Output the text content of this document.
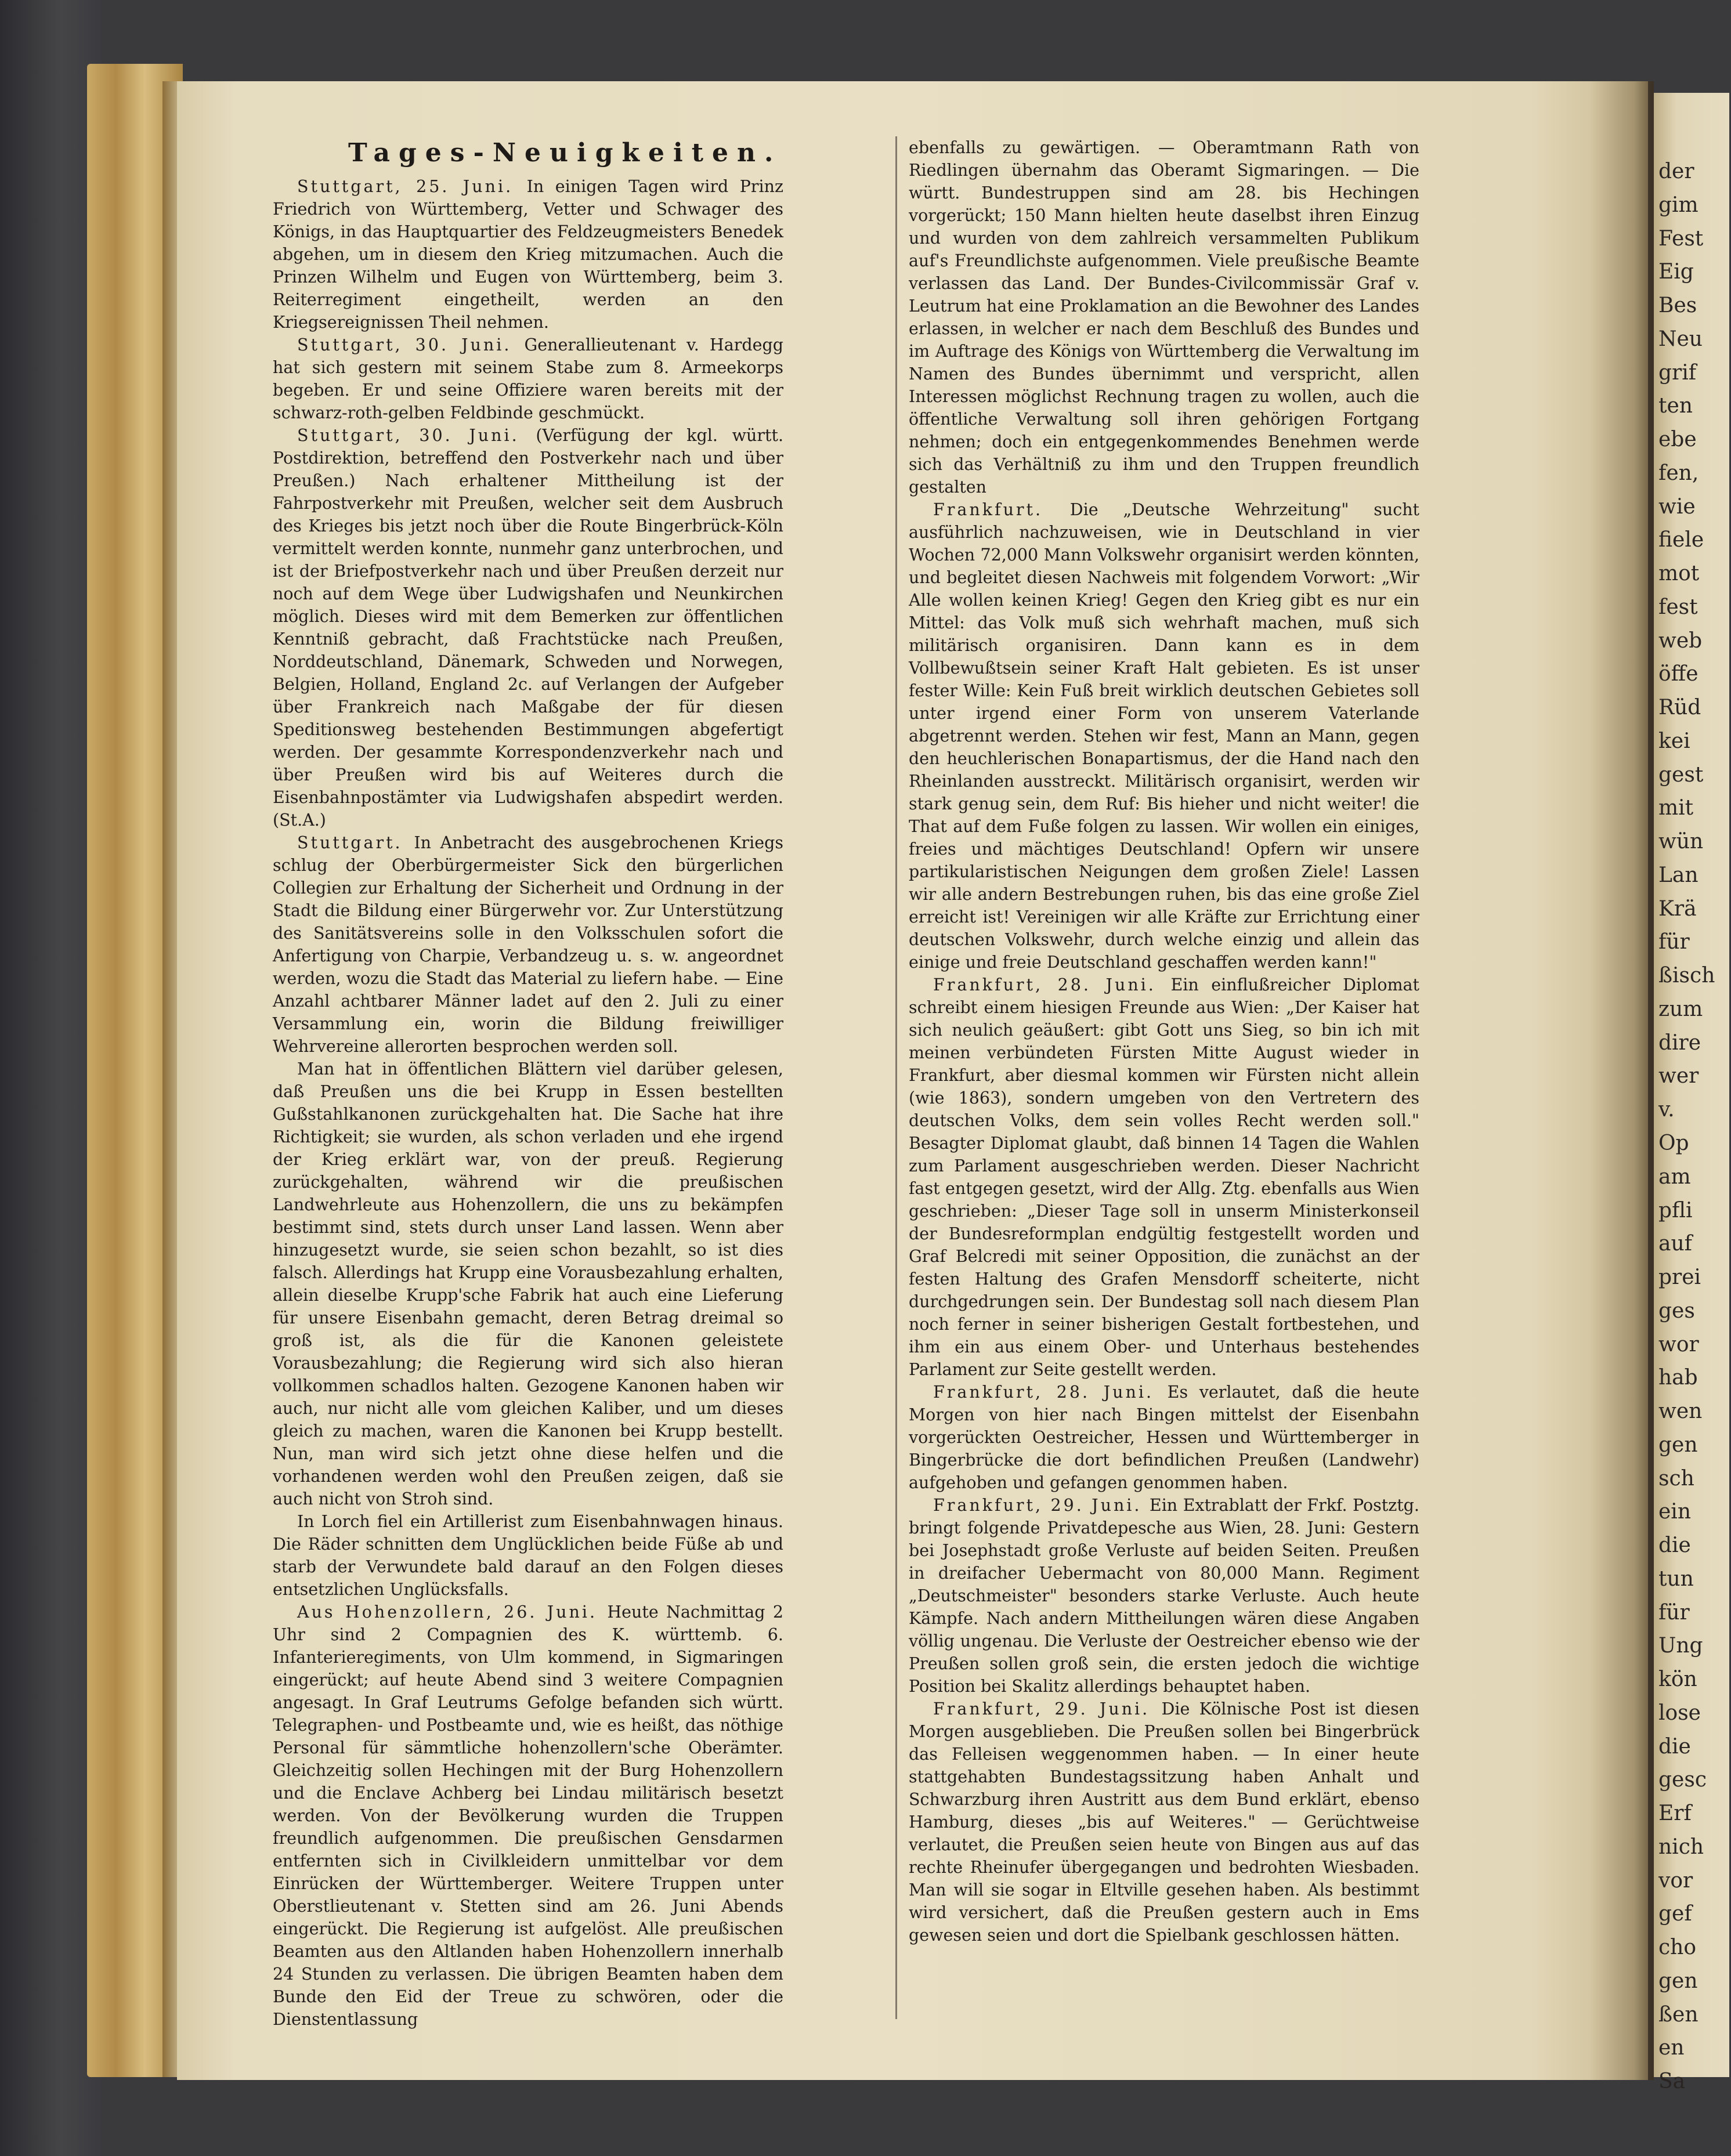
Tages-Neuigkeiten.

Stuttgart, 25. Juni. In einigen Tagen wird Prinz Friedrich von Württemberg, Vetter und Schwager des Königs, in das Hauptquartier des Feldzeugmeisters Benedek abgehen, um in diesem den Krieg mitzumachen. Auch die Prinzen Wilhelm und Eugen von Württemberg, beim 3. Reiterregiment eingetheilt, werden an den Kriegsereignissen Theil nehmen.

Stuttgart, 30. Juni. Generallieutenant v. Hardegg hat sich gestern mit seinem Stabe zum 8. Armeekorps begeben. Er und seine Offiziere waren bereits mit der schwarz-roth-gelben Feldbinde geschmückt.

Stuttgart, 30. Juni. (Verfügung der kgl. württ. Postdirektion, betreffend den Postverkehr nach und über Preußen.) Nach erhaltener Mittheilung ist der Fahrpostverkehr mit Preußen, welcher seit dem Ausbruch des Krieges bis jetzt noch über die Route Bingerbrück-Köln vermittelt werden konnte, nunmehr ganz unterbrochen, und ist der Briefpostverkehr nach und über Preußen derzeit nur noch auf dem Wege über Ludwigshafen und Neunkirchen möglich. Dieses wird mit dem Bemerken zur öffentlichen Kenntniß gebracht, daß Frachtstücke nach Preußen, Norddeutschland, Dänemark, Schweden und Norwegen, Belgien, Holland, England 2c. auf Verlangen der Aufgeber über Frankreich nach Maßgabe der für diesen Speditionsweg bestehenden Bestimmungen abgefertigt werden. Der gesammte Korrespondenzverkehr nach und über Preußen wird bis auf Weiteres durch die Eisenbahnpostämter via Ludwigshafen abspedirt werden. (St.A.)

Stuttgart. In Anbetracht des ausgebrochenen Kriegs schlug der Oberbürgermeister Sick den bürgerlichen Collegien zur Erhaltung der Sicherheit und Ordnung in der Stadt die Bildung einer Bürgerwehr vor. Zur Unterstützung des Sanitätsvereins solle in den Volksschulen sofort die Anfertigung von Charpie, Verbandzeug u. s. w. angeordnet werden, wozu die Stadt das Material zu liefern habe. — Eine Anzahl achtbarer Männer ladet auf den 2. Juli zu einer Versammlung ein, worin die Bildung freiwilliger Wehrvereine allerorten besprochen werden soll.

Man hat in öffentlichen Blättern viel darüber gelesen, daß Preußen uns die bei Krupp in Essen bestellten Gußstahlkanonen zurückgehalten hat. Die Sache hat ihre Richtigkeit; sie wurden, als schon verladen und ehe irgend der Krieg erklärt war, von der preuß. Regierung zurückgehalten, während wir die preußischen Landwehrleute aus Hohenzollern, die uns zu bekämpfen bestimmt sind, stets durch unser Land lassen. Wenn aber hinzugesetzt wurde, sie seien schon bezahlt, so ist dies falsch. Allerdings hat Krupp eine Vorausbezahlung erhalten, allein dieselbe Krupp'sche Fabrik hat auch eine Lieferung für unsere Eisenbahn gemacht, deren Betrag dreimal so groß ist, als die für die Kanonen geleistete Vorausbezahlung; die Regierung wird sich also hieran vollkommen schadlos halten. Gezogene Kanonen haben wir auch, nur nicht alle vom gleichen Kaliber, und um dieses gleich zu machen, waren die Kanonen bei Krupp bestellt. Nun, man wird sich jetzt ohne diese helfen und die vorhandenen werden wohl den Preußen zeigen, daß sie auch nicht von Stroh sind.

In Lorch fiel ein Artillerist zum Eisenbahnwagen hinaus. Die Räder schnitten dem Unglücklichen beide Füße ab und starb der Verwundete bald darauf an den Folgen dieses entsetzlichen Unglücksfalls.

Aus Hohenzollern, 26. Juni. Heute Nachmittag 2 Uhr sind 2 Compagnien des K. württemb. 6. Infanterieregiments, von Ulm kommend, in Sigmaringen eingerückt; auf heute Abend sind 3 weitere Compagnien angesagt. In Graf Leutrums Gefolge befanden sich württ. Telegraphen- und Postbeamte und, wie es heißt, das nöthige Personal für sämmtliche hohenzollern'sche Oberämter. Gleichzeitig sollen Hechingen mit der Burg Hohenzollern und die Enclave Achberg bei Lindau militärisch besetzt werden. Von der Bevölkerung wurden die Truppen freundlich aufgenommen. Die preußischen Gensdarmen entfernten sich in Civilkleidern unmittelbar vor dem Einrücken der Württemberger. Weitere Truppen unter Oberstlieutenant v. Stetten sind am 26. Juni Abends eingerückt. Die Regierung ist aufgelöst. Alle preußischen Beamten aus den Altlanden haben Hohenzollern innerhalb 24 Stunden zu verlassen. Die übrigen Beamten haben dem Bunde den Eid der Treue zu schwören, oder die Dienstentlassung

ebenfalls zu gewärtigen. — Oberamtmann Rath von Riedlingen übernahm das Oberamt Sigmaringen. — Die württ. Bundestruppen sind am 28. bis Hechingen vorgerückt; 150 Mann hielten heute daselbst ihren Einzug und wurden von dem zahlreich versammelten Publikum auf's Freundlichste aufgenommen. Viele preußische Beamte verlassen das Land. Der Bundes-Civilcommissär Graf v. Leutrum hat eine Proklamation an die Bewohner des Landes erlassen, in welcher er nach dem Beschluß des Bundes und im Auftrage des Königs von Württemberg die Verwaltung im Namen des Bundes übernimmt und verspricht, allen Interessen möglichst Rechnung tragen zu wollen, auch die öffentliche Verwaltung soll ihren gehörigen Fortgang nehmen; doch ein entgegenkommendes Benehmen werde sich das Verhältniß zu ihm und den Truppen freundlich gestalten

Frankfurt. Die „Deutsche Wehrzeitung" sucht ausführlich nachzuweisen, wie in Deutschland in vier Wochen 72,000 Mann Volkswehr organisirt werden könnten, und begleitet diesen Nachweis mit folgendem Vorwort: „Wir Alle wollen keinen Krieg! Gegen den Krieg gibt es nur ein Mittel: das Volk muß sich wehrhaft machen, muß sich militärisch organisiren. Dann kann es in dem Vollbewußtsein seiner Kraft Halt gebieten. Es ist unser fester Wille: Kein Fuß breit wirklich deutschen Gebietes soll unter irgend einer Form von unserem Vaterlande abgetrennt werden. Stehen wir fest, Mann an Mann, gegen den heuchlerischen Bonapartismus, der die Hand nach den Rheinlanden ausstreckt. Militärisch organisirt, werden wir stark genug sein, dem Ruf: Bis hieher und nicht weiter! die That auf dem Fuße folgen zu lassen. Wir wollen ein einiges, freies und mächtiges Deutschland! Opfern wir unsere partikularistischen Neigungen dem großen Ziele! Lassen wir alle andern Bestrebungen ruhen, bis das eine große Ziel erreicht ist! Vereinigen wir alle Kräfte zur Errichtung einer deutschen Volkswehr, durch welche einzig und allein das einige und freie Deutschland geschaffen werden kann!"

Frankfurt, 28. Juni. Ein einflußreicher Diplomat schreibt einem hiesigen Freunde aus Wien: „Der Kaiser hat sich neulich geäußert: gibt Gott uns Sieg, so bin ich mit meinen verbündeten Fürsten Mitte August wieder in Frankfurt, aber diesmal kommen wir Fürsten nicht allein (wie 1863), sondern umgeben von den Vertretern des deutschen Volks, dem sein volles Recht werden soll." Besagter Diplomat glaubt, daß binnen 14 Tagen die Wahlen zum Parlament ausgeschrieben werden. Dieser Nachricht fast entgegen gesetzt, wird der Allg. Ztg. ebenfalls aus Wien geschrieben: „Dieser Tage soll in unserm Ministerkonseil der Bundesreformplan endgültig festgestellt worden und Graf Belcredi mit seiner Opposition, die zunächst an der festen Haltung des Grafen Mensdorff scheiterte, nicht durchgedrungen sein. Der Bundestag soll nach diesem Plan noch ferner in seiner bisherigen Gestalt fortbestehen, und ihm ein aus einem Ober- und Unterhaus bestehendes Parlament zur Seite gestellt werden.

Frankfurt, 28. Juni. Es verlautet, daß die heute Morgen von hier nach Bingen mittelst der Eisenbahn vorgerückten Oestreicher, Hessen und Württemberger in Bingerbrücke die dort befindlichen Preußen (Landwehr) aufgehoben und gefangen genommen haben.

Frankfurt, 29. Juni. Ein Extrablatt der Frkf. Postztg. bringt folgende Privatdepesche aus Wien, 28. Juni: Gestern bei Josephstadt große Verluste auf beiden Seiten. Preußen in dreifacher Uebermacht von 80,000 Mann. Regiment „Deutschmeister" besonders starke Verluste. Auch heute Kämpfe. Nach andern Mittheilungen wären diese Angaben völlig ungenau. Die Verluste der Oestreicher ebenso wie der Preußen sollen groß sein, die ersten jedoch die wichtige Position bei Skalitz allerdings behauptet haben.

Frankfurt, 29. Juni. Die Kölnische Post ist diesen Morgen ausgeblieben. Die Preußen sollen bei Bingerbrück das Felleisen weggenommen haben. — In einer heute stattgehabten Bundestagssitzung haben Anhalt und Schwarzburg ihren Austritt aus dem Bund erklärt, ebenso Hamburg, dieses „bis auf Weiteres." — Gerüchtweise verlautet, die Preußen seien heute von Bingen aus auf das rechte Rheinufer übergegangen und bedrohten Wiesbaden. Man will sie sogar in Eltville gesehen haben. Als bestimmt wird versichert, daß die Preußen gestern auch in Ems gewesen seien und dort die Spielbank geschlossen hätten.

der
gim
Fest
Eig
Bes
Neu
grif
ten
ebe
fen,
wie
fiele
mot
fest
web
öffe
Rüd
kei
gest
mit
wün
Lan
Krä
für
ßisch
zum
dire
wer
v.
Op
am
pfli
auf
prei
ges
wor
hab
wen
gen
sch
ein
die
tun
für
Ung
kön
lose
die
gesc
Erf
nich
vor
gef
cho
gen
ßen
en
Sa
